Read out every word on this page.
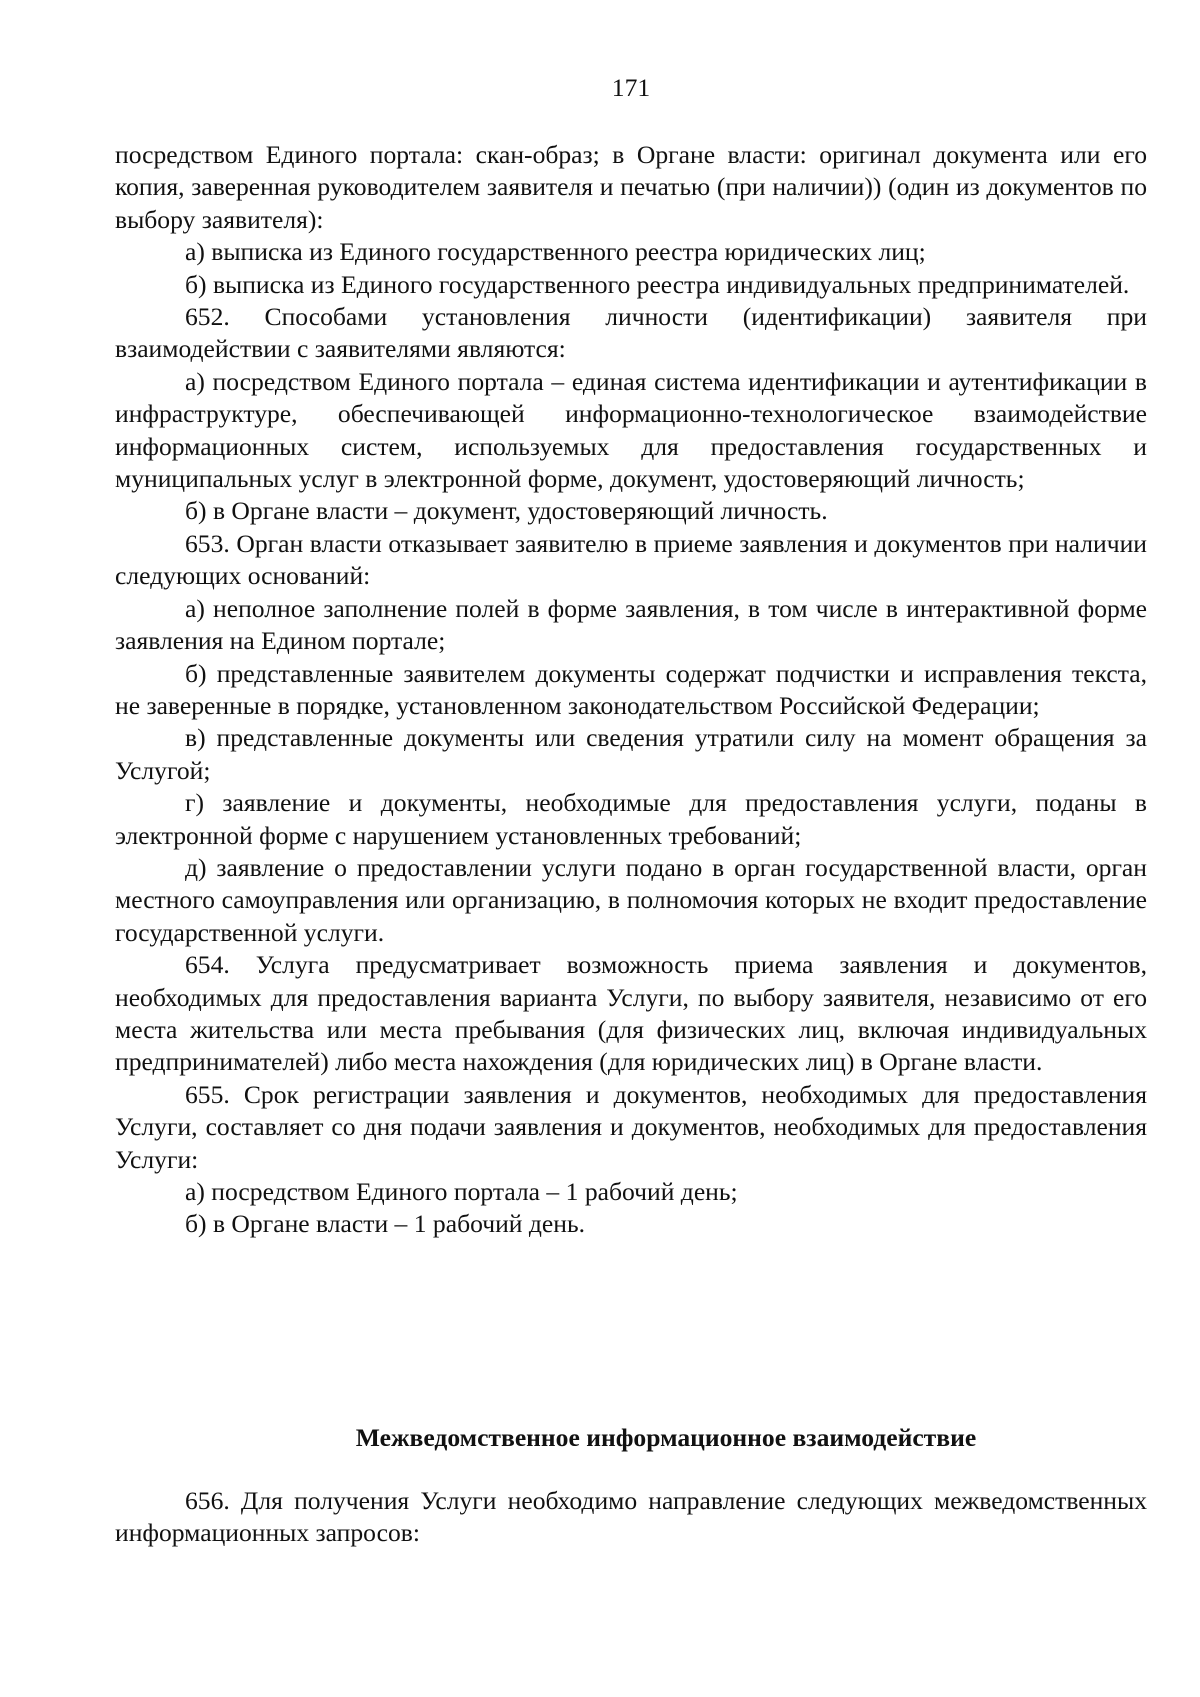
171

посредством Единого портала: скан-образ; в Органе власти: оригинал документа или его копия, заверенная руководителем заявителя и печатью (при наличии)) (один из документов по выбору заявителя):

а) выписка из Единого государственного реестра юридических лиц;

б) выписка из Единого государственного реестра индивидуальных предпринимателей.

652. Способами установления личности (идентификации) заявителя при взаимодействии с заявителями являются:

а) посредством Единого портала – единая система идентификации и аутентификации в инфраструктуре, обеспечивающей информационно-технологическое взаимодействие информационных систем, используемых для предоставления государственных и муниципальных услуг в электронной форме, документ, удостоверяющий личность;

б) в Органе власти – документ, удостоверяющий личность.

653. Орган власти отказывает заявителю в приеме заявления и документов при наличии следующих оснований:

а) неполное заполнение полей в форме заявления, в том числе в интерактивной форме заявления на Едином портале;

б) представленные заявителем документы содержат подчистки и исправления текста, не заверенные в порядке, установленном законодательством Российской Федерации;

в) представленные документы или сведения утратили силу на момент обращения за Услугой;

г) заявление и документы, необходимые для предоставления услуги, поданы в электронной форме с нарушением установленных требований;

д) заявление о предоставлении услуги подано в орган государственной власти, орган местного самоуправления или организацию, в полномочия которых не входит предоставление государственной услуги.

654. Услуга предусматривает возможность приема заявления и документов, необходимых для предоставления варианта Услуги, по выбору заявителя, независимо от его места жительства или места пребывания (для физических лиц, включая индивидуальных предпринимателей) либо места нахождения (для юридических лиц) в Органе власти.

655. Срок регистрации заявления и документов, необходимых для предоставления Услуги, составляет со дня подачи заявления и документов, необходимых для предоставления Услуги:

а) посредством Единого портала – 1 рабочий день;

б) в Органе власти – 1 рабочий день.

Межведомственное информационное взаимодействие

656. Для получения Услуги необходимо направление следующих межведомственных информационных запросов:
